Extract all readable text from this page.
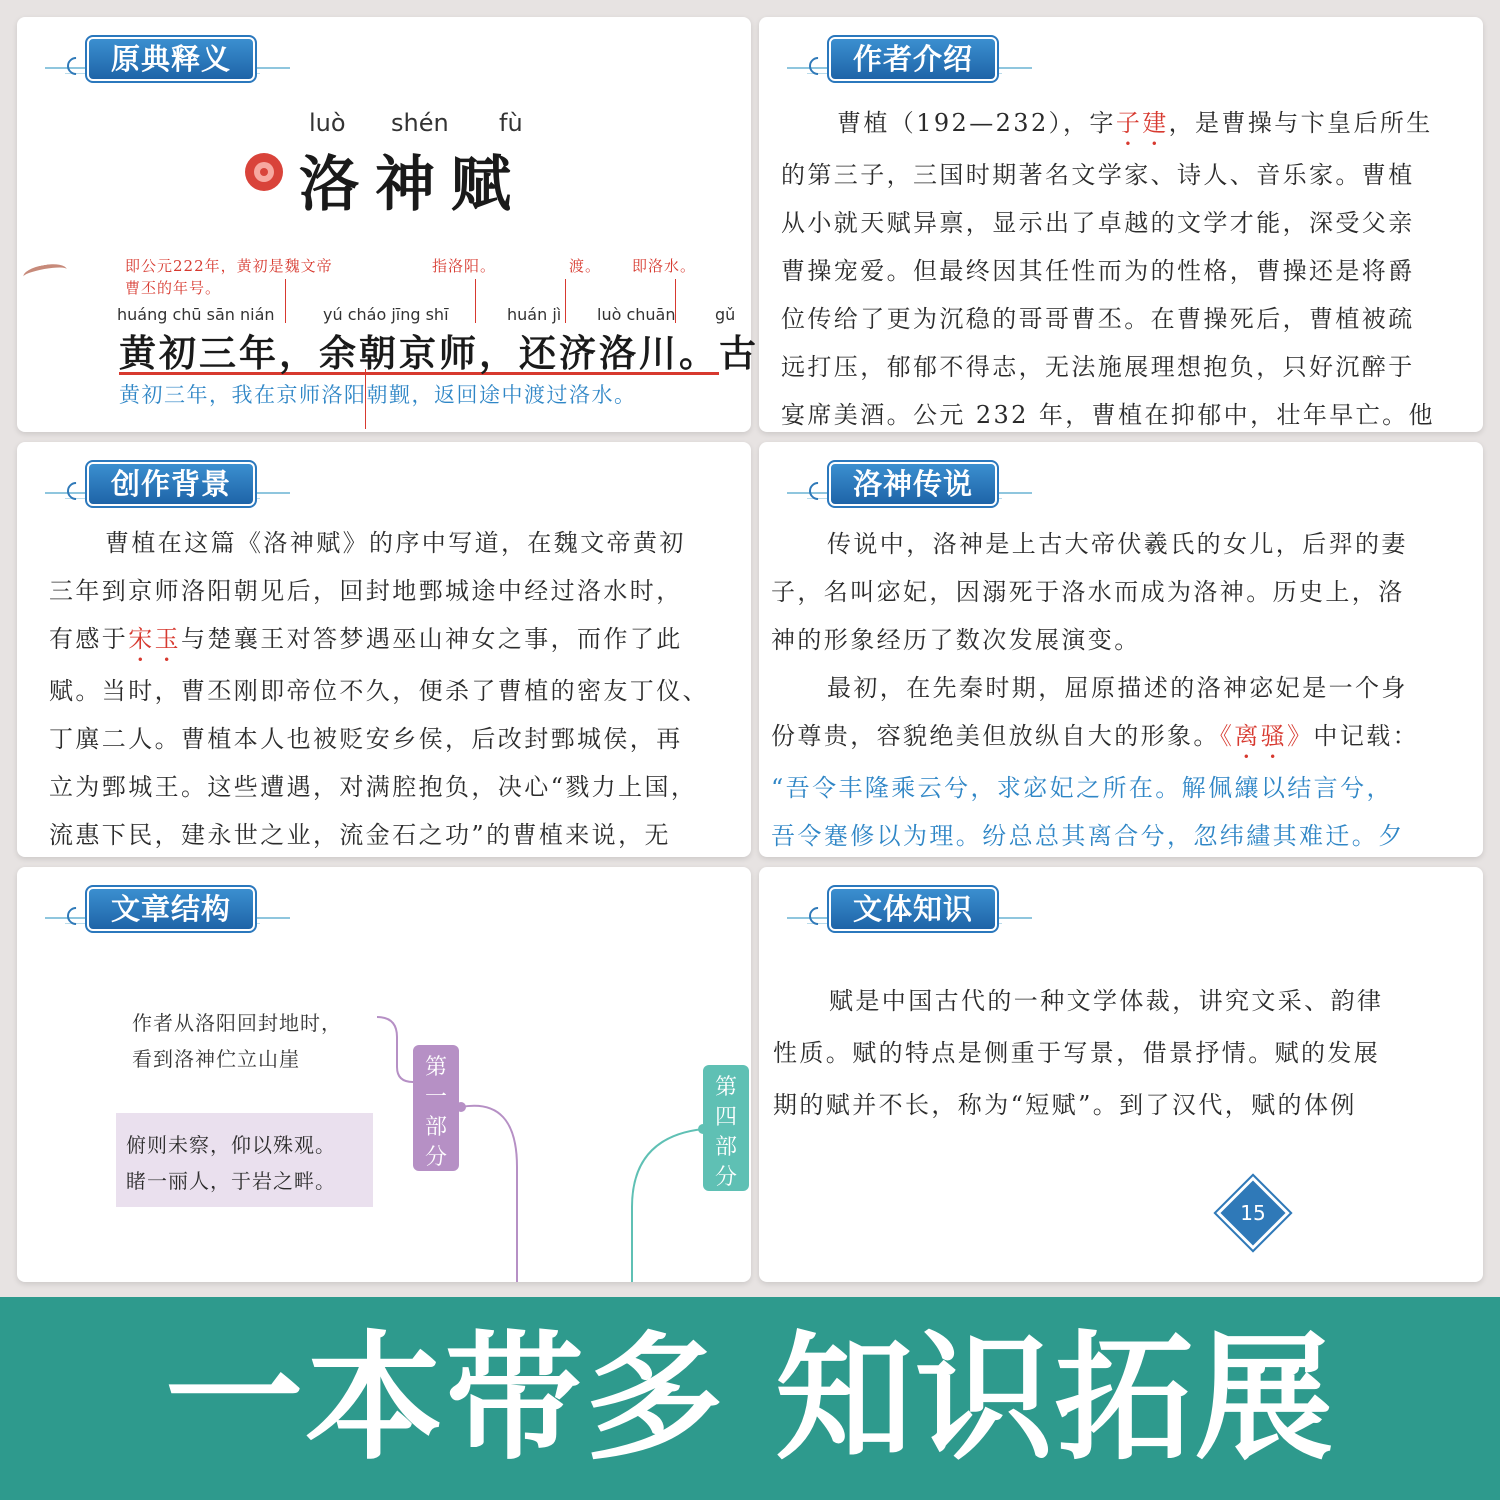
原典释义
luò shén fù
洛神赋
即公元222年，黄初是魏文帝
曹丕的年号。
指洛阳。	渡。 即洛水。
huáng chū sān nián	yú cháo jīng shī	huán jì luò chuān gǔ
黄初三年，余朝京师，还济洛川。古
黄初三年，我在京师洛阳朝觐，返回途中渡过洛水。
作者介绍

曹植（192—232），字子建，是曹操与卞皇后所生

的第三子，三国时期著名文学家、诗人、音乐家。曹植

从小就天赋异禀，显示出了卓越的文学才能，深受父亲

曹操宠爱。但最终因其任性而为的性格，曹操还是将爵

位传给了更为沉稳的哥哥曹丕。在曹操死后，曹植被疏

远打压，郁郁不得志，无法施展理想抱负，只好沉醉于

宴席美酒。公元 232 年，曹植在抑郁中，壮年早亡。他

创作背景

曹植在这篇《洛神赋》的序中写道，在魏文帝黄初

三年到京师洛阳朝见后，回封地鄄城途中经过洛水时，

有感于宋玉与楚襄王对答梦遇巫山神女之事，而作了此

赋。当时，曹丕刚即帝位不久，便杀了曹植的密友丁仪、

丁廙二人。曹植本人也被贬安乡侯，后改封鄄城侯，再

立为鄄城王。这些遭遇，对满腔抱负，决心“戮力上国，

流惠下民，建永世之业，流金石之功”的曹植来说，无

洛神传说

传说中，洛神是上古大帝伏羲氏的女儿，后羿的妻

子，名叫宓妃，因溺死于洛水而成为洛神。历史上，洛

神的形象经历了数次发展演变。

最初，在先秦时期，屈原描述的洛神宓妃是一个身

份尊贵，容貌绝美但放纵自大的形象。《离骚》中记载：

“吾令丰隆乘云兮，求宓妃之所在。解佩纕以结言兮，

吾令蹇修以为理。纷总总其离合兮，忽纬繣其难迁。夕

文章结构
作者从洛阳回封地时，
看到洛神伫立山崖
俯则未察，仰以殊观。
睹一丽人，于岩之畔。
第
一
部
分
第
四
部
分
文体知识

赋是中国古代的一种文学体裁，讲究文采、韵律

性质。赋的特点是侧重于写景，借景抒情。赋的发展

期的赋并不长，称为“短赋”。到了汉代，赋的体例

15
一本带多 知识拓展
